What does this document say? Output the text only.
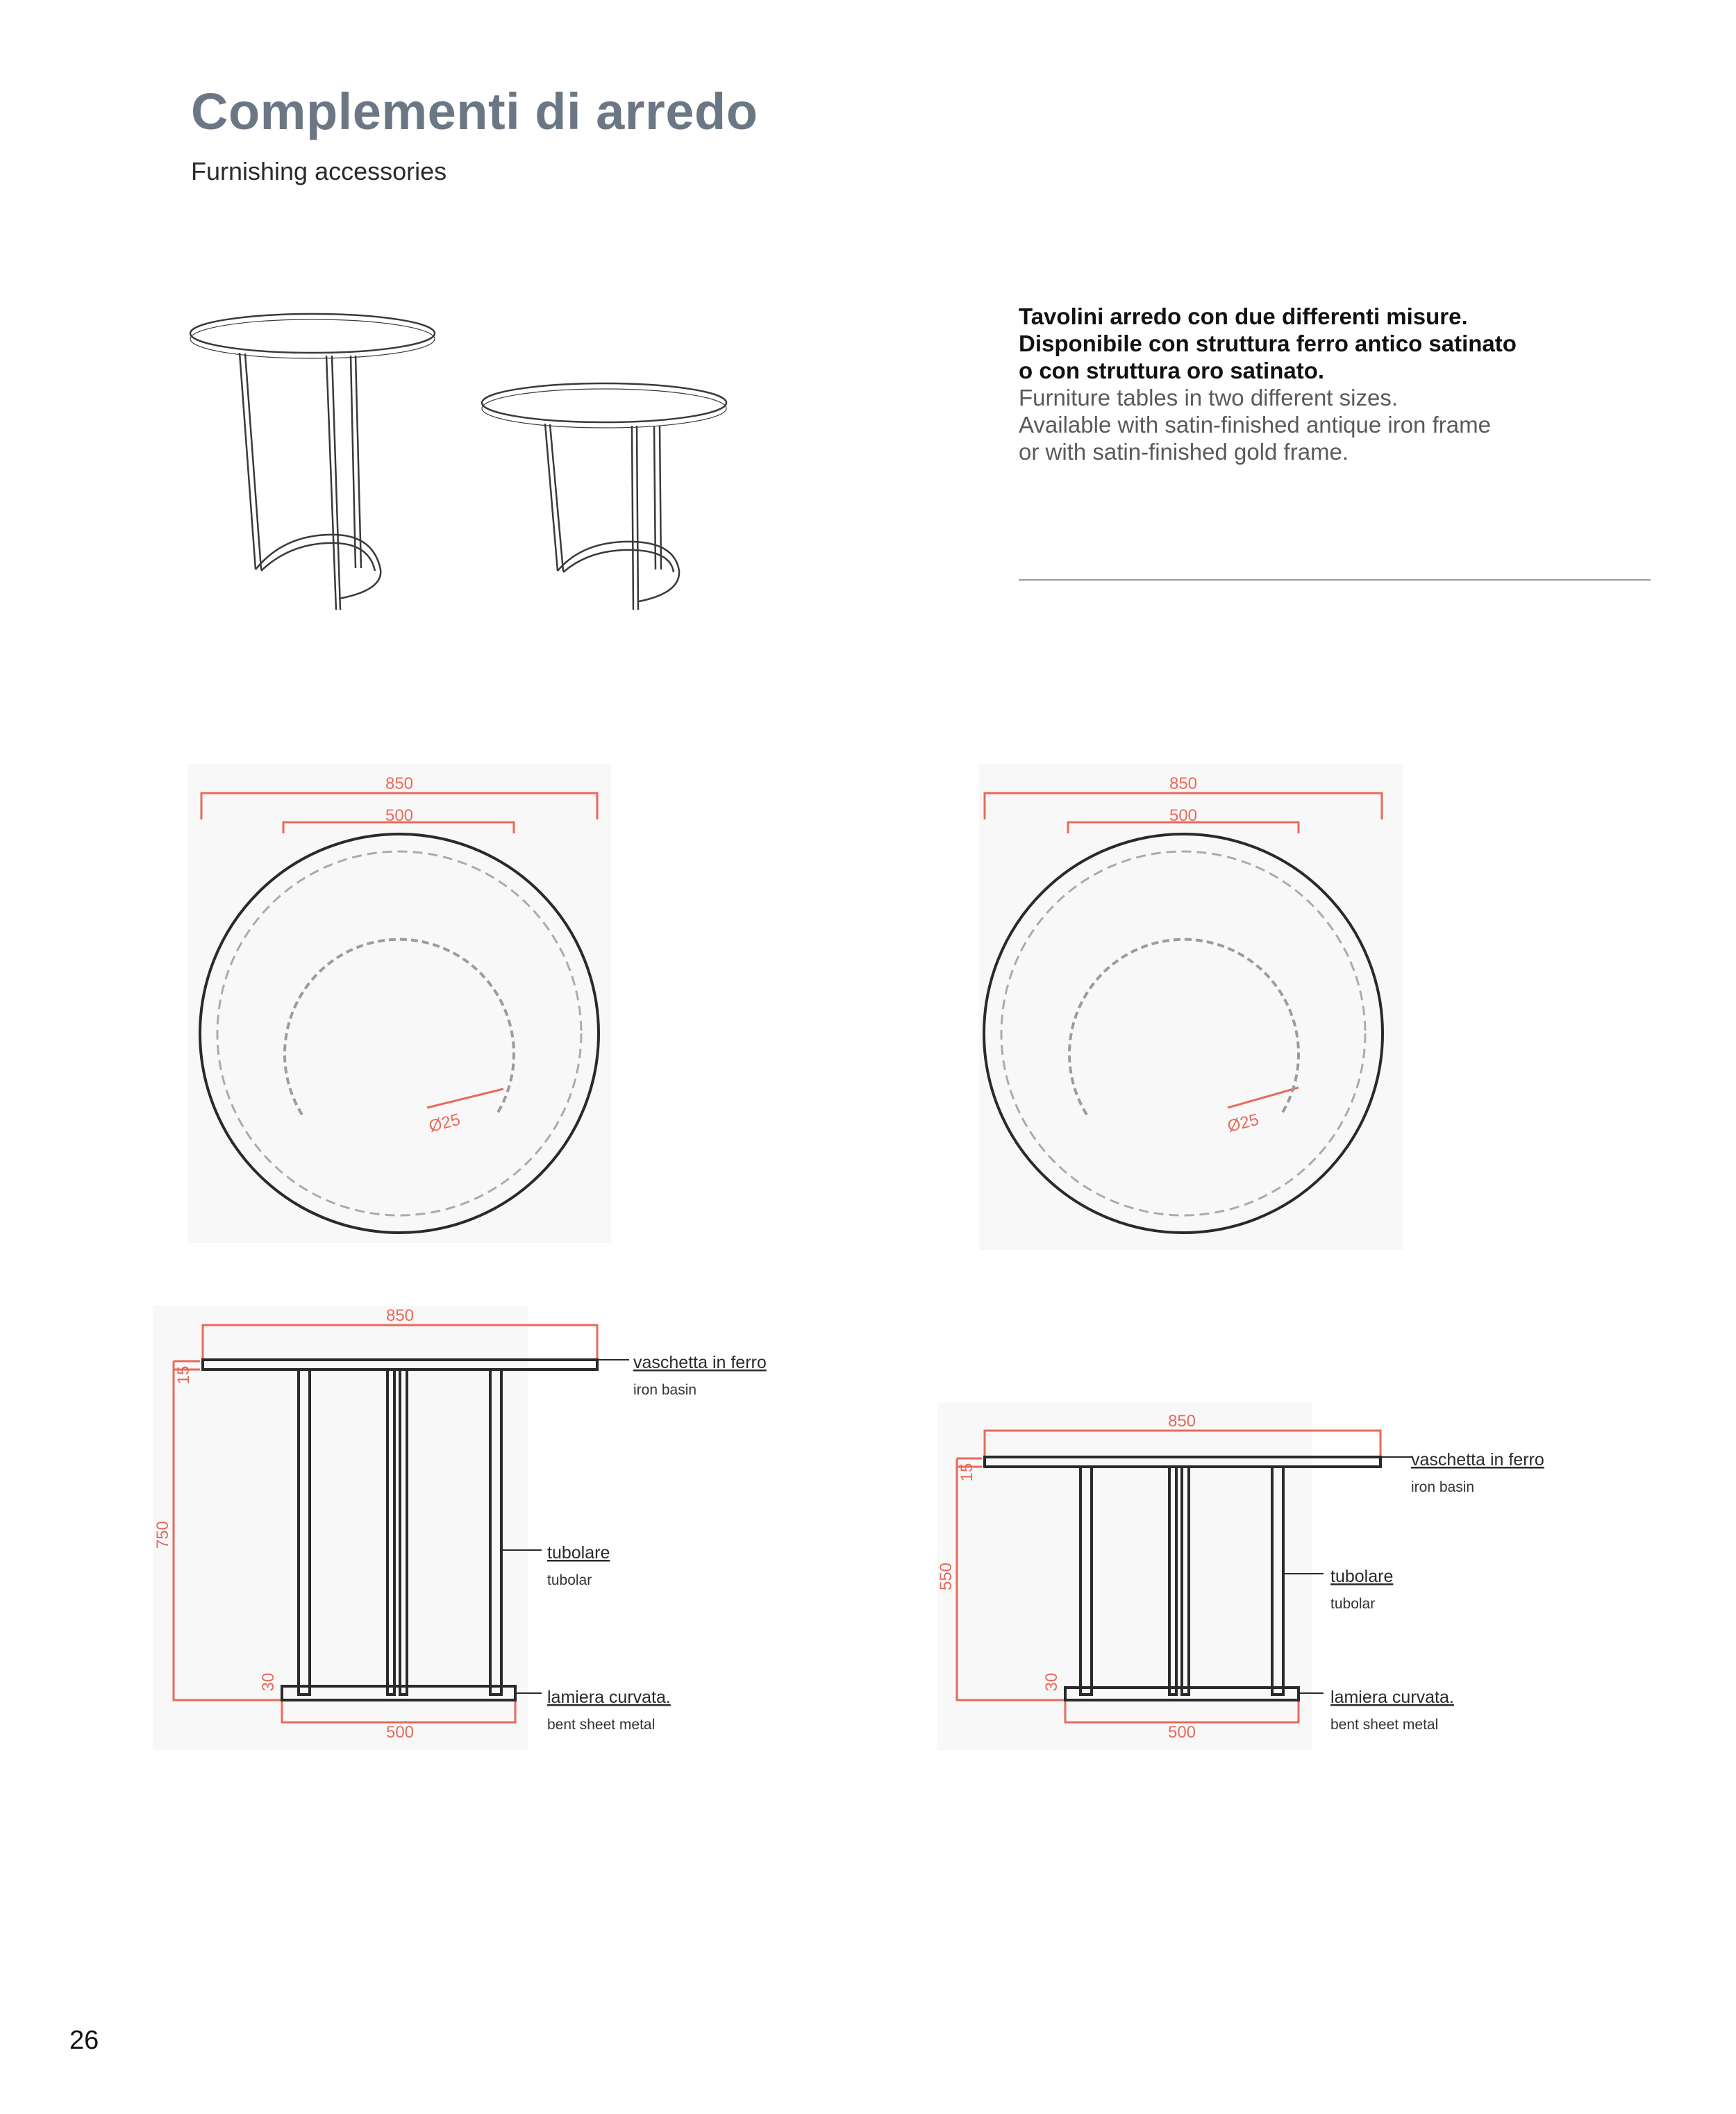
Complementi di arredo
Furnishing accessories
Tavolini arredo con due differenti misure.
Disponibile con struttura ferro antico satinato
o con struttura oro satinato.
Furniture tables in two different sizes.
Available with satin-finished antique iron frame
or with satin-finished gold frame.
850
500
Ø25
850
500
Ø25
850
15
750
30
500
vaschetta in ferro
iron basin
tubolare
tubolar
lamiera curvata.
bent sheet metal
850
15
550
30
500
vaschetta in ferro
iron basin
tubolare
tubolar
lamiera curvata.
bent sheet metal
26
